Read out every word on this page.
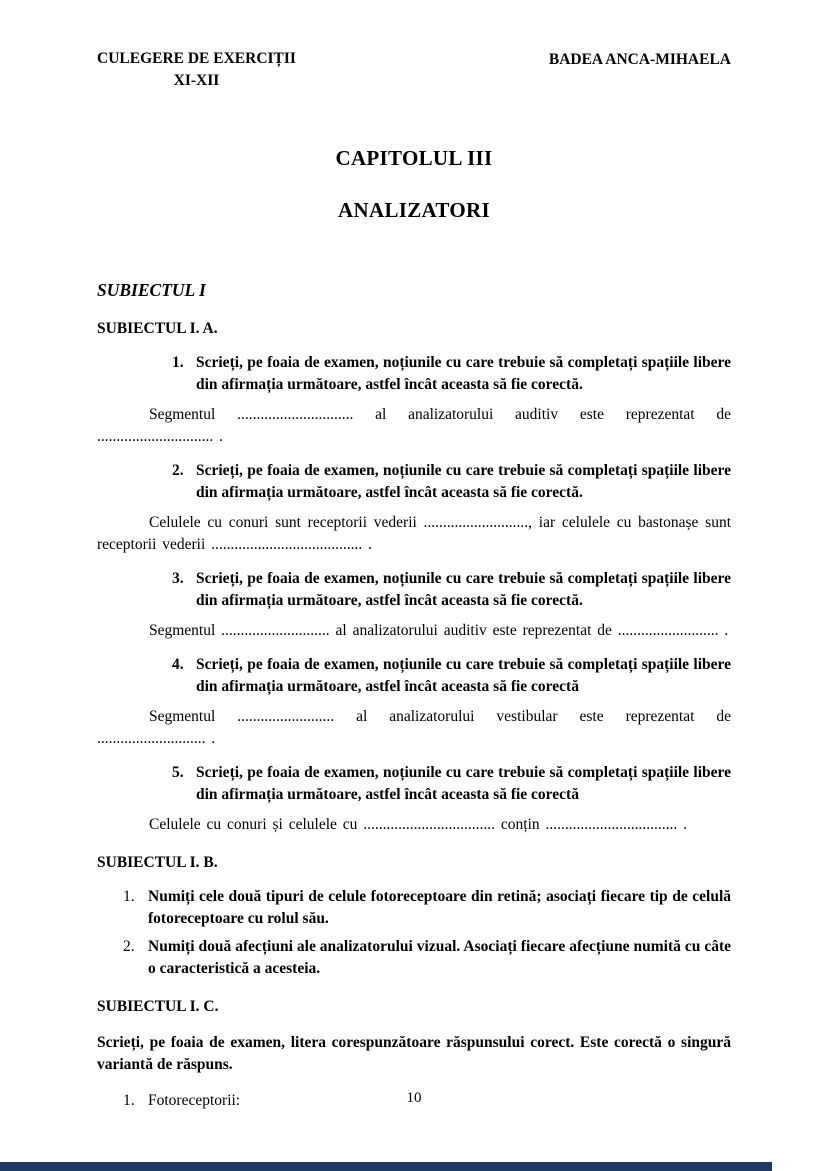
CULEGERE DE EXERCIȚII
XI-XII
BADEA ANCA-MIHAELA
CAPITOLUL III
ANALIZATORI
SUBIECTUL I
SUBIECTUL I. A.
1. Scrieți, pe foaia de examen, noțiunile cu care trebuie să completați spațiile libere din afirmația următoare, astfel încât aceasta să fie corectă.

Segmentul .............................. al analizatorului auditiv este reprezentat de .............................. .

2. Scrieți, pe foaia de examen, noțiunile cu care trebuie să completați spațiile libere din afirmația următoare, astfel încât aceasta să fie corectă.

Celulele cu conuri sunt receptorii vederii ..........................., iar celulele cu bastonașe sunt receptorii vederii ....................................... .

3. Scrieți, pe foaia de examen, noțiunile cu care trebuie să completați spațiile libere din afirmația următoare, astfel încât aceasta să fie corectă.

Segmentul ............................ al analizatorului auditiv este reprezentat de .......................... .

4. Scrieți, pe foaia de examen, noțiunile cu care trebuie să completați spațiile libere din afirmația următoare, astfel încât aceasta să fie corectă

Segmentul ......................... al analizatorului vestibular este reprezentat de ............................ .

5. Scrieți, pe foaia de examen, noțiunile cu care trebuie să completați spațiile libere din afirmația următoare, astfel încât aceasta să fie corectă

Celulele cu conuri și celulele cu .................................. conțin .................................. .

SUBIECTUL I. B.
1. Numiți cele două tipuri de celule fotoreceptoare din retină; asociați fiecare tip de celulă fotoreceptoare cu rolul său.
2. Numiți două afecțiuni ale analizatorului vizual. Asociați fiecare afecțiune numită cu câte o caracteristică a acesteia.
SUBIECTUL I. C.

Scrieți, pe foaia de examen, litera corespunzătoare răspunsului corect. Este corectă o singură variantă de răspuns.

1. Fotoreceptorii:	10
